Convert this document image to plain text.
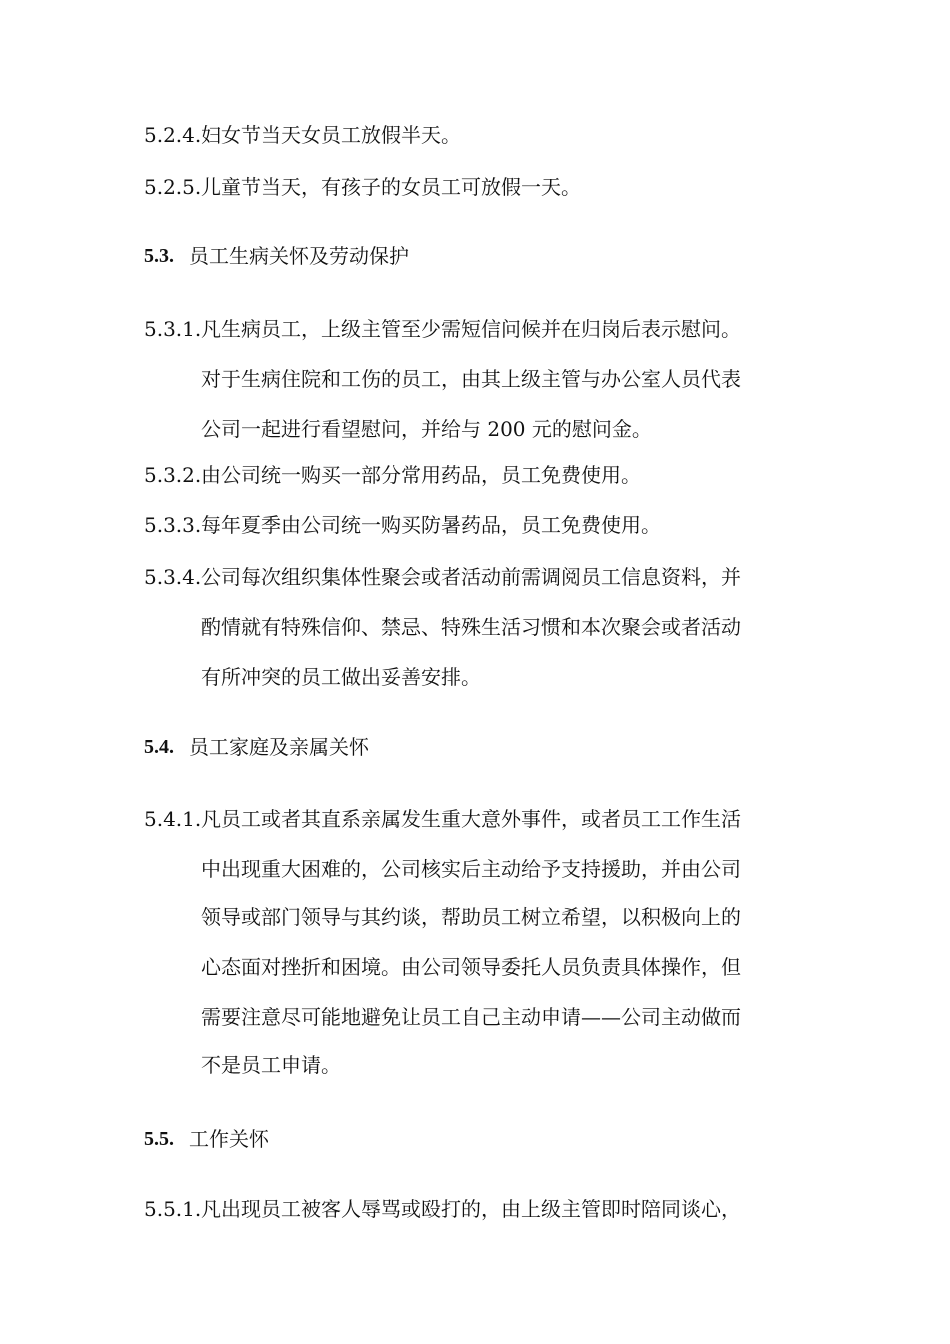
5.2.4. 妇女节当天女员工放假半天。
5.2.5. 儿童节当天，有孩子的女员工可放假一天。
5.3. 员工生病关怀及劳动保护
5.3.1. 凡生病员工，上级主管至少需短信问候并在归岗后表示慰问。
对于生病住院和工伤的员工，由其上级主管与办公室人员代表
公司一起进行看望慰问，并给与 200 元的慰问金。
5.3.2. 由公司统一购买一部分常用药品，员工免费使用。
5.3.3. 每年夏季由公司统一购买防暑药品，员工免费使用。
5.3.4. 公司每次组织集体性聚会或者活动前需调阅员工信息资料，并
酌情就有特殊信仰、禁忌、特殊生活习惯和本次聚会或者活动
有所冲突的员工做出妥善安排。
5.4. 员工家庭及亲属关怀
5.4.1. 凡员工或者其直系亲属发生重大意外事件，或者员工工作生活
中出现重大困难的，公司核实后主动给予支持援助，并由公司
领导或部门领导与其约谈，帮助员工树立希望，以积极向上的
心态面对挫折和困境。由公司领导委托人员负责具体操作，但
需要注意尽可能地避免让员工自己主动申请——公司主动做而
不是员工申请。
5.5. 工作关怀
5.5.1. 凡出现员工被客人辱骂或殴打的，由上级主管即时陪同谈心，
